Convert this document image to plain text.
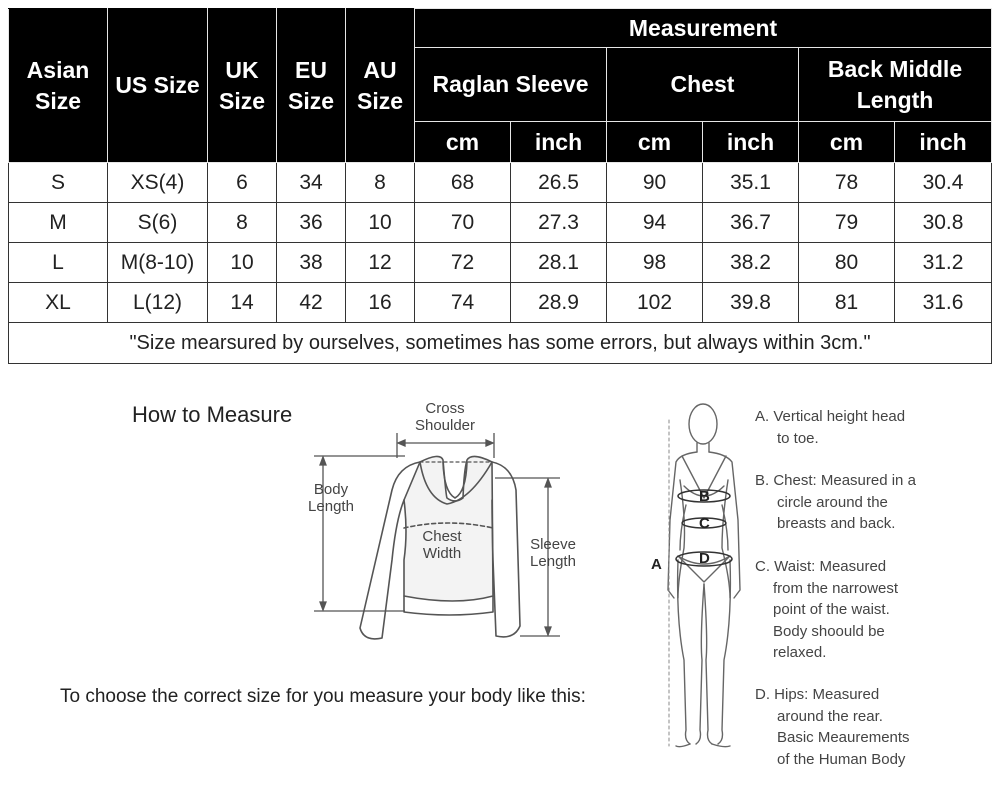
Asian Size	US Size	UK Size	EU Size	AU Size	Measurement					
					Raglan Sleeve		Chest		Back Middle Length	
					cm	inch	cm	inch	cm	inch
S	XS(4)	6	34	8	68	26.5	90	35.1	78	30.4
M	S(6)	8	36	10	70	27.3	94	36.7	79	30.8
L	M(8-10)	10	38	12	72	28.1	98	38.2	80	31.2
XL	L(12)	14	42	16	74	28.9	102	39.8	81	31.6
"Size mearsured by ourselves, sometimes has some errors, but always within 3cm."										
How to Measure	Cross
Shoulder
Body
Length
Chest
Width
Sleeve
Length
To choose the correct size for you measure your body like this:
A
B
C
D
A. Vertical height head
to toe.
B. Chest: Measured in a
circle around the
breasts and back.
C. Waist: Measured
from the narrowest
point of the waist.
Body shoould be
relaxed.
D. Hips: Measured
around the rear.
Basic Meaurements
of the Human Body
